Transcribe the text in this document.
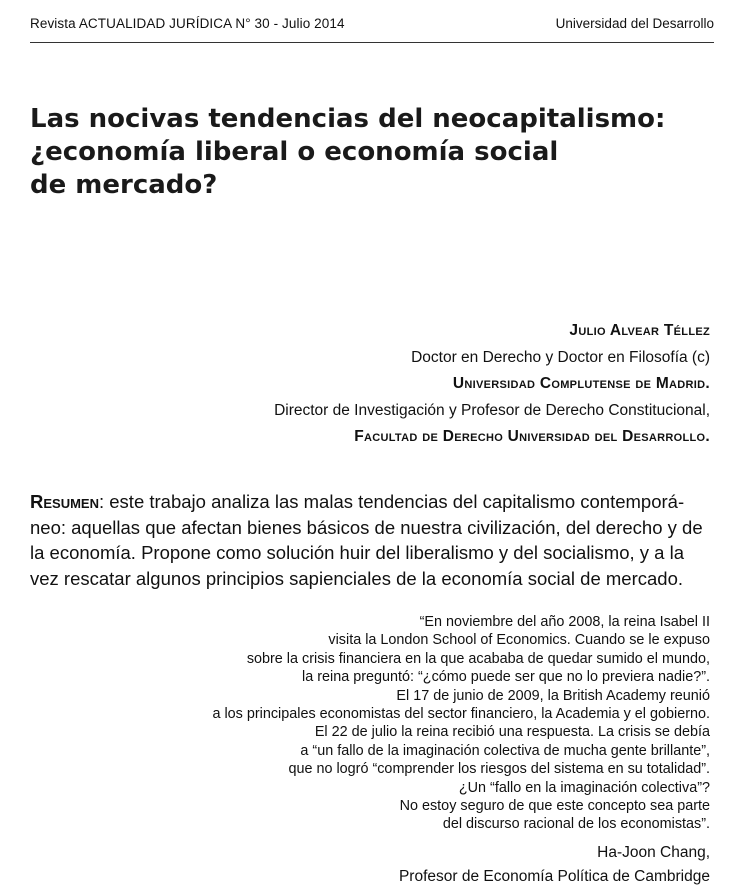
Revista ACTUALIDAD JURÍDICA N° 30 - Julio 2014	Universidad del Desarrollo
Las nocivas tendencias del neocapitalismo:
¿economía liberal o economía social
de mercado?
Julio Alvear Téllez
Doctor en Derecho y Doctor en Filosofía (c)
Universidad Complutense de Madrid.
Director de Investigación y Profesor de Derecho Constitucional,
Facultad de Derecho Universidad del Desarrollo.
Resumen: este trabajo analiza las malas tendencias del capitalismo contemporá-
neo: aquellas que afectan bienes básicos de nuestra civilización, del derecho y de
la economía. Propone como solución huir del liberalismo y del socialismo, y a la
vez rescatar algunos principios sapienciales de la economía social de mercado.
“En noviembre del año 2008, la reina Isabel II
visita la London School of Economics. Cuando se le expuso
sobre la crisis financiera en la que acababa de quedar sumido el mundo,
la reina preguntó: “¿cómo puede ser que no lo previera nadie?”.
El 17 de junio de 2009, la British Academy reunió
a los principales economistas del sector financiero, la Academia y el gobierno.
El 22 de julio la reina recibió una respuesta. La crisis se debía
a “un fallo de la imaginación colectiva de mucha gente brillante”,
que no logró “comprender los riesgos del sistema en su totalidad”.
¿Un “fallo en la imaginación colectiva”?
No estoy seguro de que este concepto sea parte
del discurso racional de los economistas”.
Ha-Joon Chang,
Profesor de Economía Política de Cambridge
